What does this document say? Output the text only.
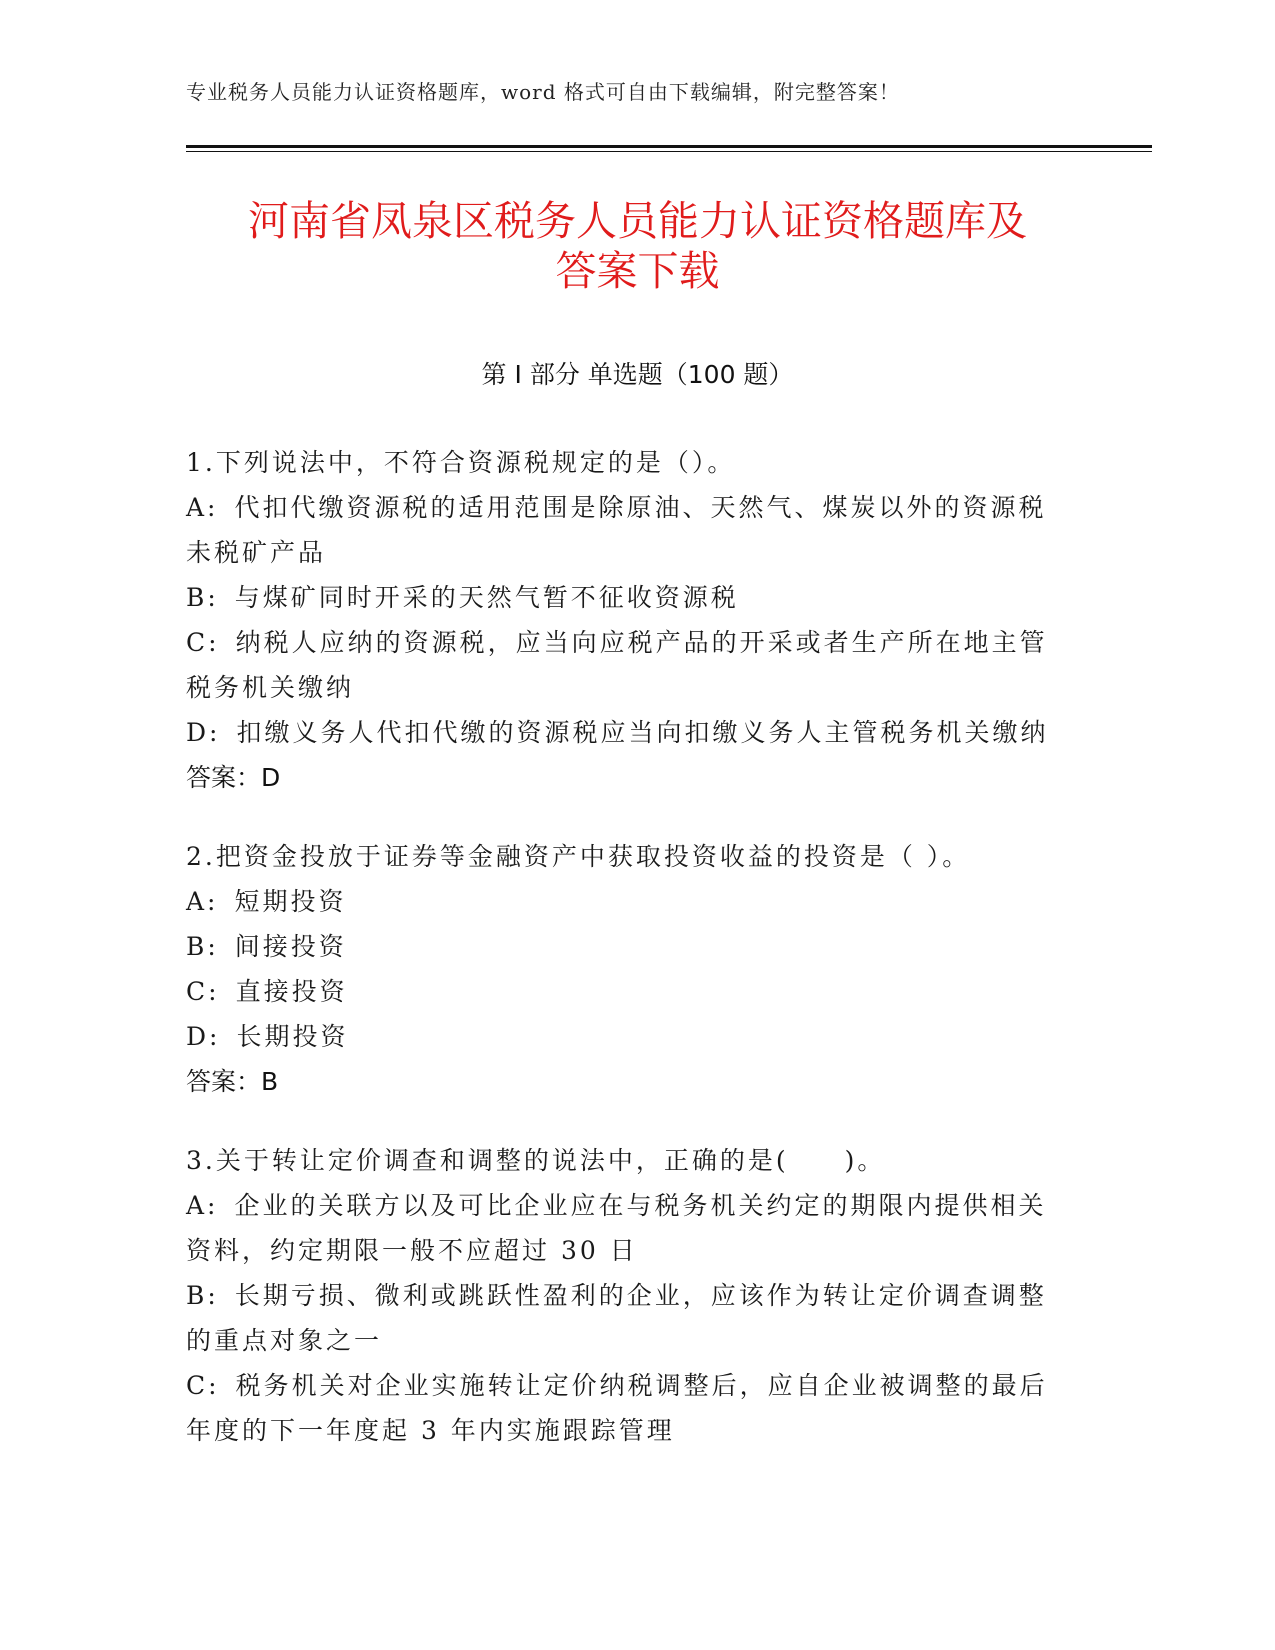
专业税务人员能力认证资格题库，word 格式可自由下载编辑，附完整答案！
河南省凤泉区税务人员能力认证资格题库及
答案下载
第 I 部分 单选题（100 题）
1.下列说法中，不符合资源税规定的是（）。
A: 代扣代缴资源税的适用范围是除原油、天然气、煤炭以外的资源税未税矿产品
B: 与煤矿同时开采的天然气暂不征收资源税
C: 纳税人应纳的资源税，应当向应税产品的开采或者生产所在地主管税务机关缴纳
D: 扣缴义务人代扣代缴的资源税应当向扣缴义务人主管税务机关缴纳
答案：D
2.把资金投放于证券等金融资产中获取投资收益的投资是（ ）。
A: 短期投资
B: 间接投资
C: 直接投资
D: 长期投资
答案：B
3.关于转让定价调查和调整的说法中，正确的是(　　)。
A: 企业的关联方以及可比企业应在与税务机关约定的期限内提供相关资料，约定期限一般不应超过 30 日
B: 长期亏损、微利或跳跃性盈利的企业，应该作为转让定价调查调整的重点对象之一
C: 税务机关对企业实施转让定价纳税调整后，应自企业被调整的最后年度的下一年度起 3 年内实施跟踪管理
